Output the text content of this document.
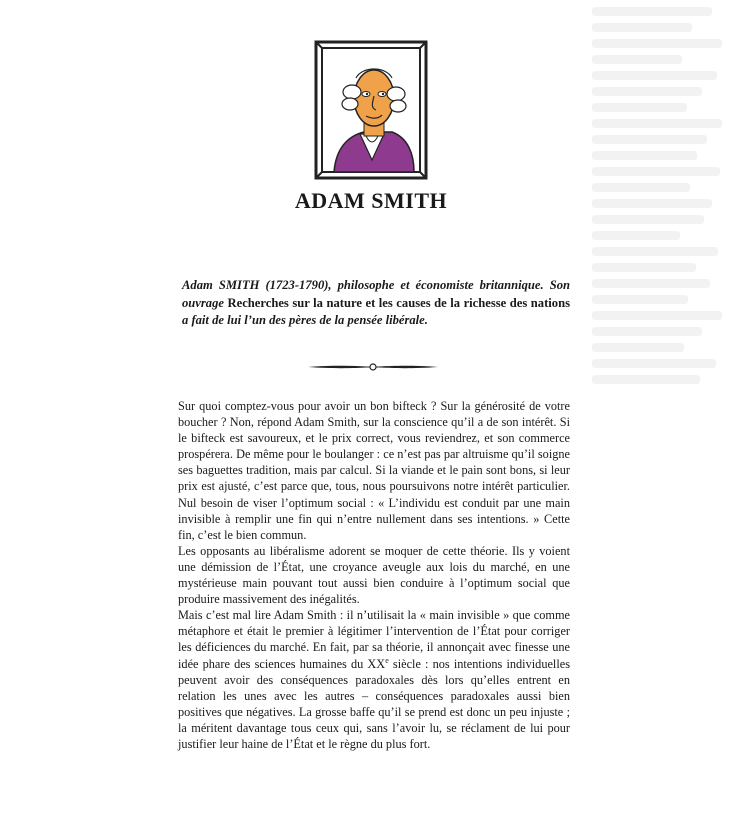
ADAM SMITH
Adam SMITH (1723-1790), philosophe et économiste britannique. Son ouvrage Recherches sur la nature et les causes de la richesse des nations a fait de lui l’un des pères de la pensée libérale.

Sur quoi comptez-vous pour avoir un bon bifteck ? Sur la générosité de votre boucher ? Non, répond Adam Smith, sur la conscience qu’il a de son intérêt. Si le bifteck est savoureux, et le prix correct, vous reviendrez, et son commerce prospérera. De même pour le boulanger : ce n’est pas par altruisme qu’il soigne ses baguettes tradition, mais par calcul. Si la viande et le pain sont bons, si leur prix est ajusté, c’est parce que, tous, nous poursuivons notre intérêt particulier. Nul besoin de viser l’optimum social : « L’individu est conduit par une main invisible à remplir une fin qui n’entre nullement dans ses intentions. » Cette fin, c’est le bien commun.

Les opposants au libéralisme adorent se moquer de cette théorie. Ils y voient une démission de l’État, une croyance aveugle aux lois du marché, en une mystérieuse main pouvant tout aussi bien conduire à l’optimum social que produire massivement des inégalités.

Mais c’est mal lire Adam Smith : il n’utilisait la « main invisible » que comme métaphore et était le premier à légitimer l’intervention de l’État pour corriger les déficiences du marché. En fait, par sa théorie, il annonçait avec finesse une idée phare des sciences humaines du XXe siècle : nos intentions individuelles peuvent avoir des conséquences paradoxales dès lors qu’elles entrent en relation les unes avec les autres – conséquences paradoxales aussi bien positives que négatives. La grosse baffe qu’il se prend est donc un peu injuste ; la méritent davantage tous ceux qui, sans l’avoir lu, se réclament de lui pour justifier leur haine de l’État et le règne du plus fort.
